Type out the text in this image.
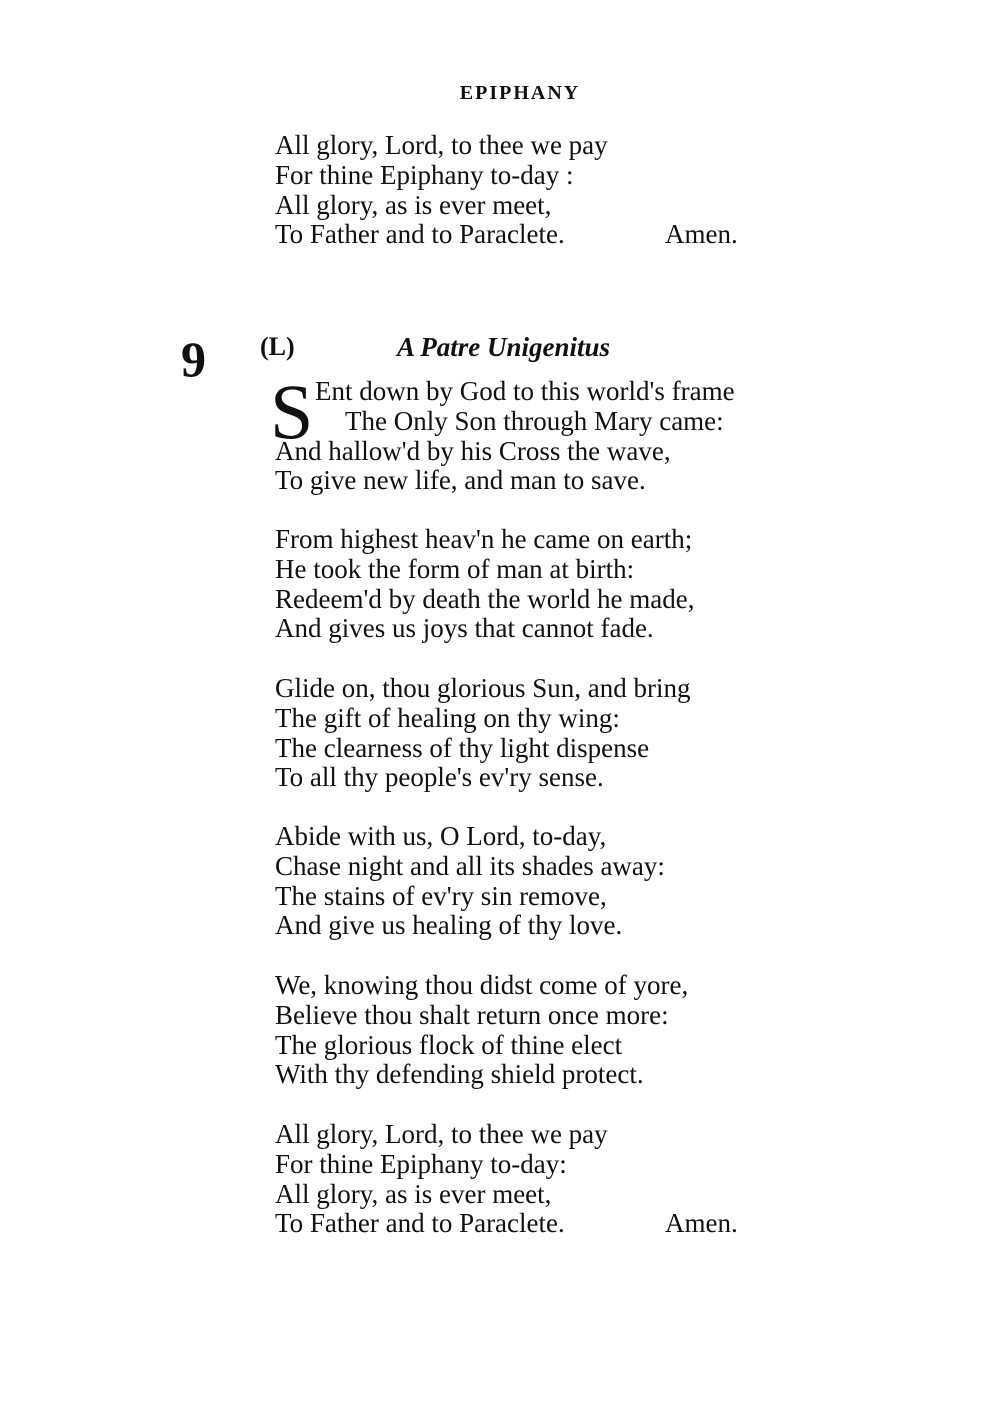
EPIPHANY
All glory, Lord, to thee we pay
For thine Epiphany to-day :
All glory, as is ever meet,
To Father and to Paraclete.	Amen.
9 (L)	A Patre Unigenitus
S Ent down by God to this world's frame
The Only Son through Mary came:
And hallow'd by his Cross the wave,
To give new life, and man to save.
From highest heav'n he came on earth;
He took the form of man at birth:
Redeem'd by death the world he made,
And gives us joys that cannot fade.
Glide on, thou glorious Sun, and bring
The gift of healing on thy wing:
The clearness of thy light dispense
To all thy people's ev'ry sense.
Abide with us, O Lord, to-day,
Chase night and all its shades away:
The stains of ev'ry sin remove,
And give us healing of thy love.
We, knowing thou didst come of yore,
Believe thou shalt return once more:
The glorious flock of thine elect
With thy defending shield protect.
All glory, Lord, to thee we pay
For thine Epiphany to-day:
All glory, as is ever meet,
To Father and to Paraclete.	Amen.
